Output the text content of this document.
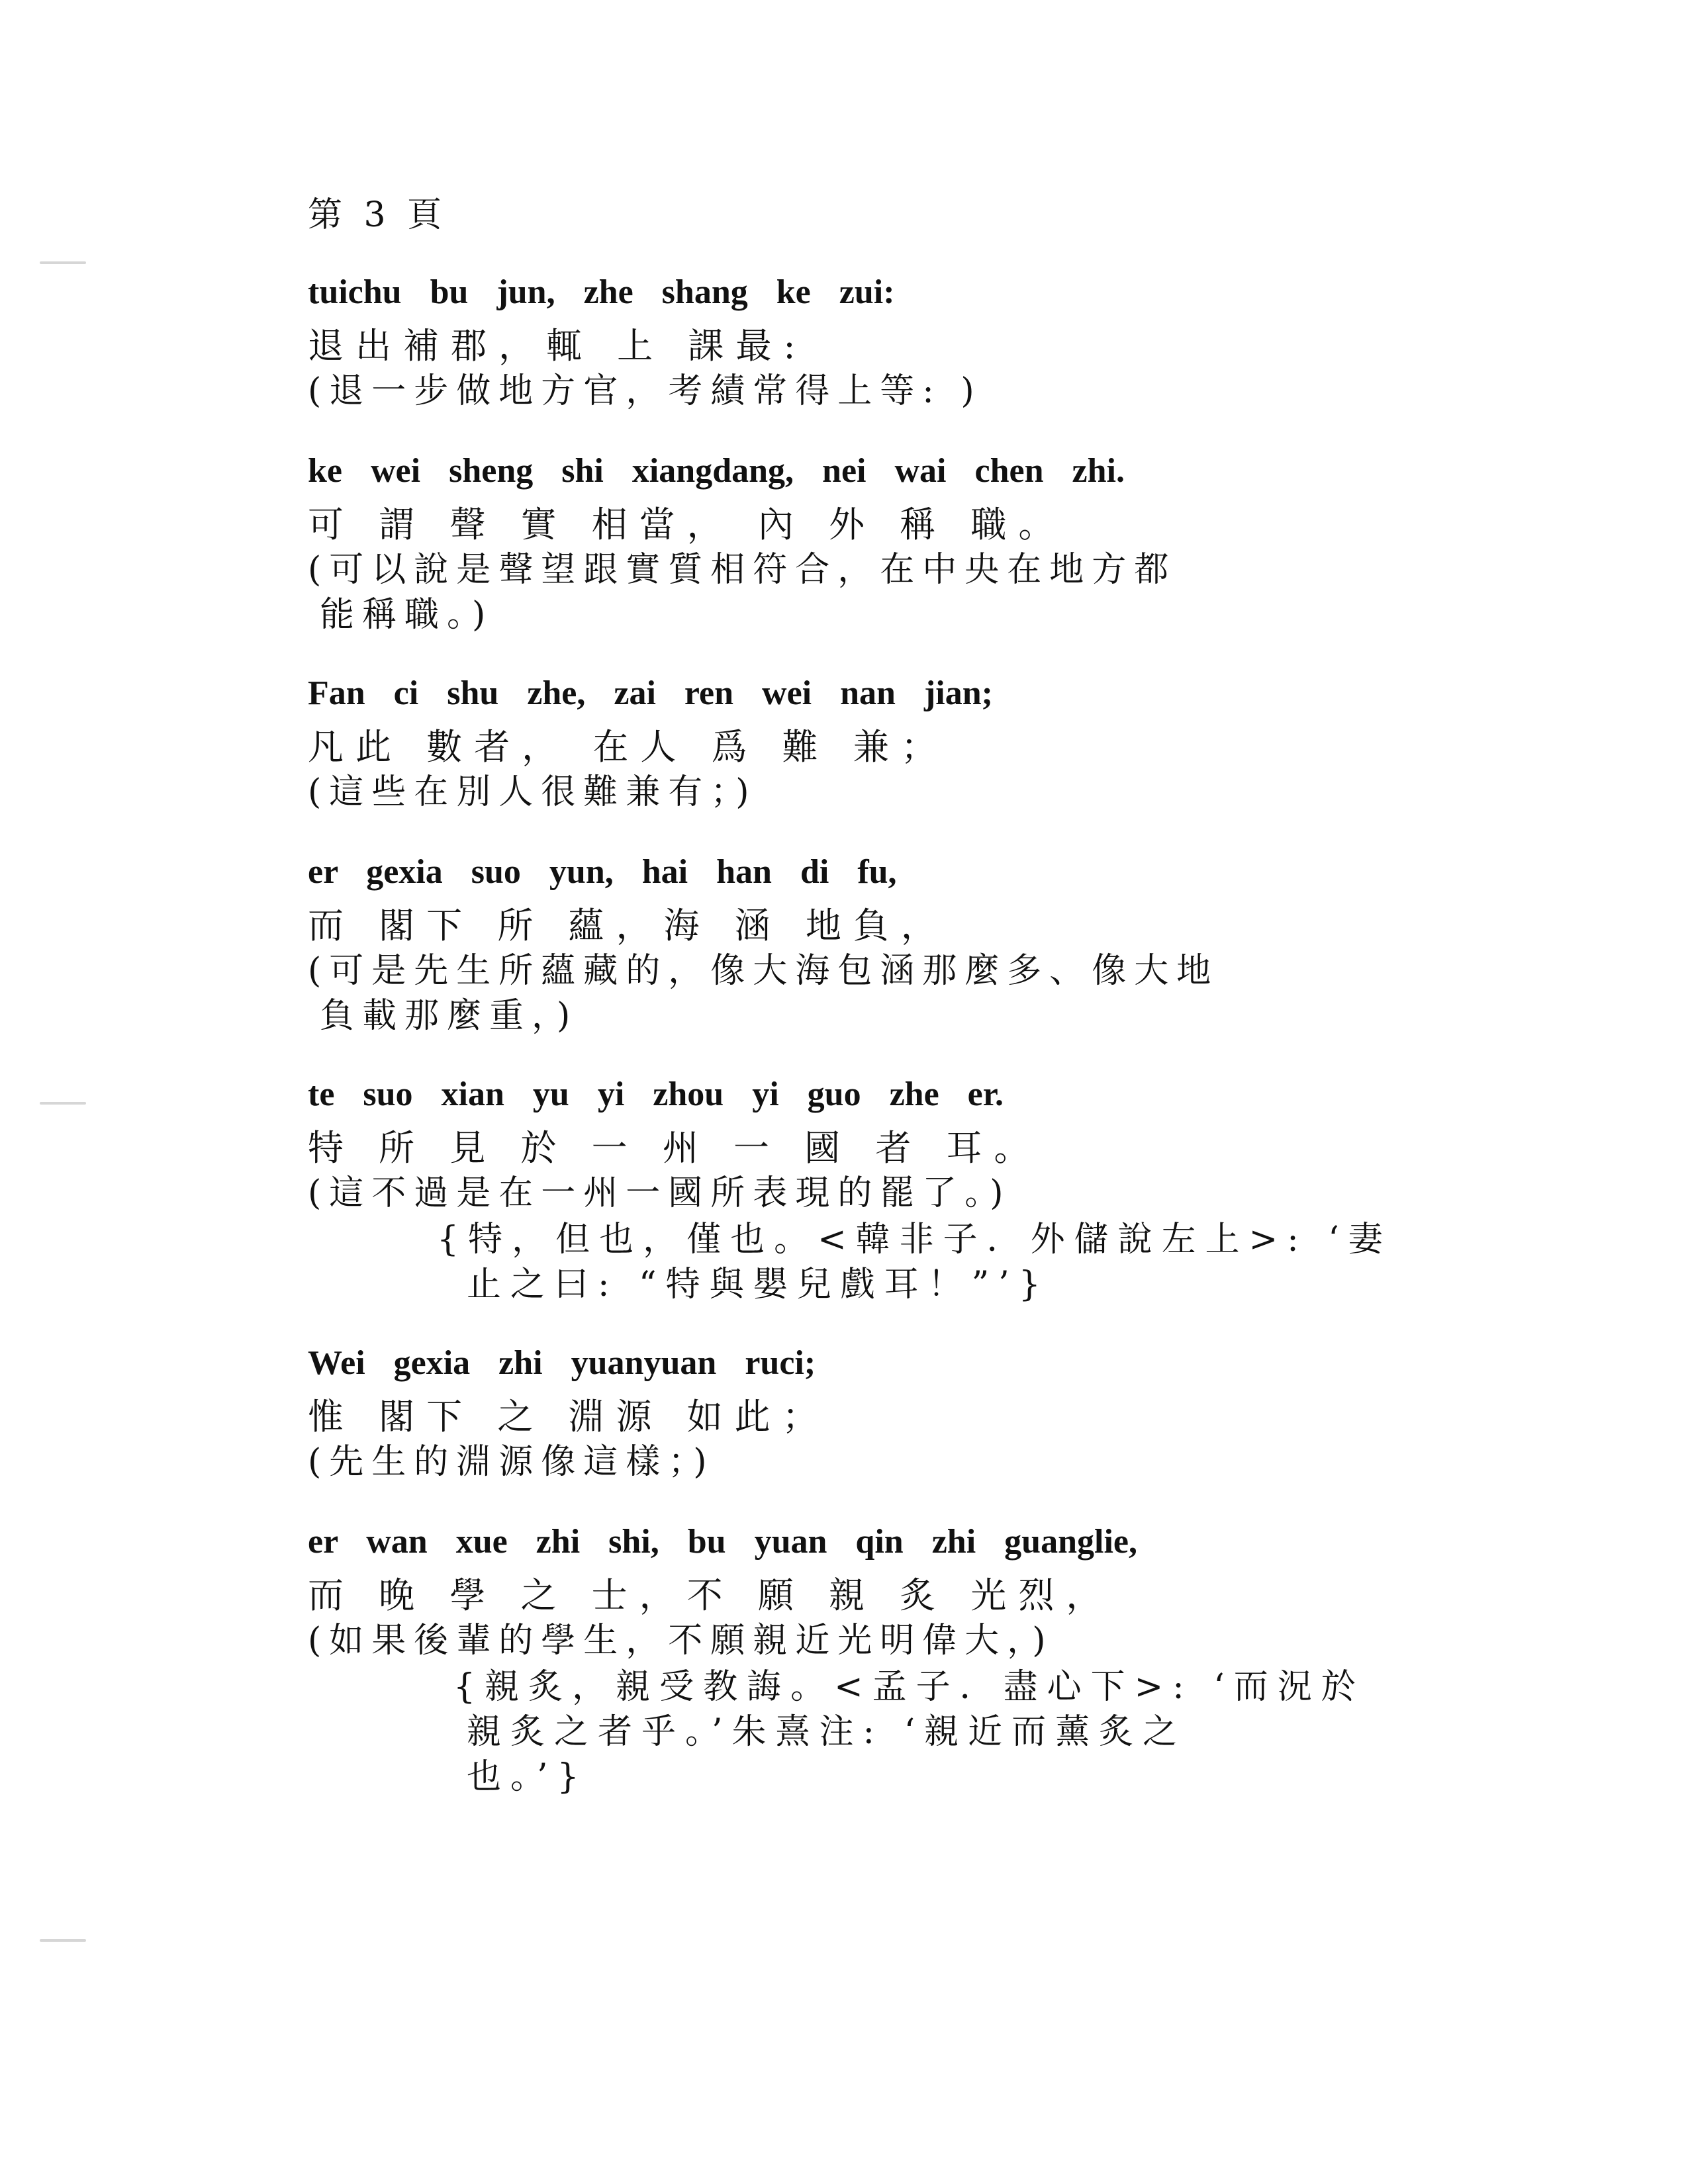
第 3 頁
tuichu bu jun, zhe shang ke zui:
退出補郡，輒 上 課最:
(退一步做地方官，考績常得上等: )
ke wei sheng shi xiangdang, nei wai chen zhi.
可 謂 聲 實 相當， 內 外 稱 職。
(可以說是聲望跟實質相符合，在中央在地方都
能稱職。)
Fan ci shu zhe, zai ren wei nan jian;
凡此 數者， 在人 爲 難 兼；
(這些在別人很難兼有；)
er gexia suo yun, hai han di fu,
而 閣下 所 蘊，海 涵 地負，
(可是先生所蘊藏的，像大海包涵那麼多、像大地
負載那麼重，)
te suo xian yu yi zhou yi guo zhe er.
特 所 見 於 一 州 一 國 者 耳。
(這不過是在一州一國所表現的罷了。)
{特，但也，僅也。<韓非子．外儲說左上>: ‘妻
止之曰: “特與嬰兒戲耳！”’}
Wei gexia zhi yuanyuan ruci;
惟 閣下 之 淵源 如此；
(先生的淵源像這樣；)
er wan xue zhi shi, bu yuan qin zhi guanglie,
而 晚 學 之 士，不 願 親 炙 光烈，
(如果後輩的學生，不願親近光明偉大，)
{親炙，親受教誨。<孟子．盡心下>: ‘而況於
親炙之者乎。’朱熹注: ‘親近而薰炙之
也。’}
